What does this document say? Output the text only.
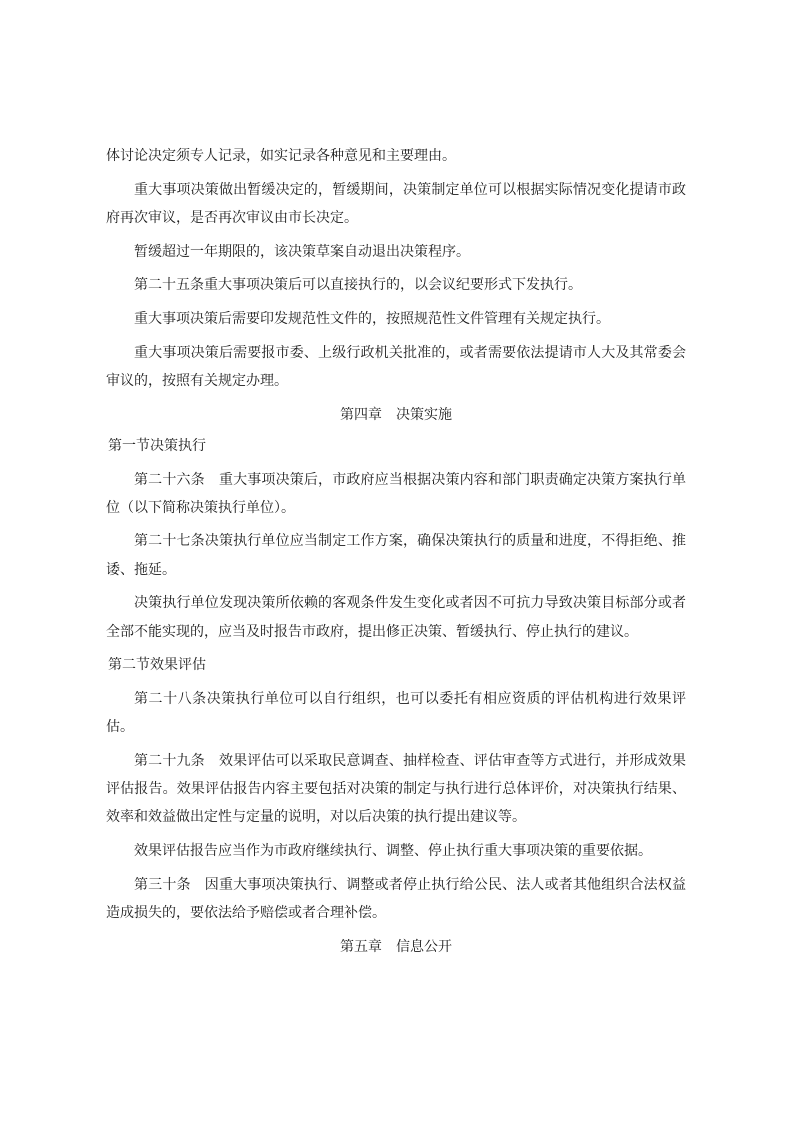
体讨论决定须专人记录，如实记录各种意见和主要理由。

重大事项决策做出暂缓决定的，暂缓期间，决策制定单位可以根据实际情况变化提请市政府再次审议，是否再次审议由市长决定。

暂缓超过一年期限的，该决策草案自动退出决策程序。

第二十五条重大事项决策后可以直接执行的，以会议纪要形式下发执行。

重大事项决策后需要印发规范性文件的，按照规范性文件管理有关规定执行。

重大事项决策后需要报市委、上级行政机关批准的，或者需要依法提请市人大及其常委会审议的，按照有关规定办理。

第四章　决策实施

第一节决策执行

第二十六条　重大事项决策后，市政府应当根据决策内容和部门职责确定决策方案执行单位（以下简称决策执行单位）。

第二十七条决策执行单位应当制定工作方案，确保决策执行的质量和进度，不得拒绝、推诿、拖延。

决策执行单位发现决策所依赖的客观条件发生变化或者因不可抗力导致决策目标部分或者全部不能实现的，应当及时报告市政府，提出修正决策、暂缓执行、停止执行的建议。

第二节效果评估

第二十八条决策执行单位可以自行组织，也可以委托有相应资质的评估机构进行效果评估。

第二十九条　效果评估可以采取民意调查、抽样检查、评估审查等方式进行，并形成效果评估报告。效果评估报告内容主要包括对决策的制定与执行进行总体评价，对决策执行结果、效率和效益做出定性与定量的说明，对以后决策的执行提出建议等。

效果评估报告应当作为市政府继续执行、调整、停止执行重大事项决策的重要依据。

第三十条　因重大事项决策执行、调整或者停止执行给公民、法人或者其他组织合法权益造成损失的，要依法给予赔偿或者合理补偿。

第五章　信息公开
